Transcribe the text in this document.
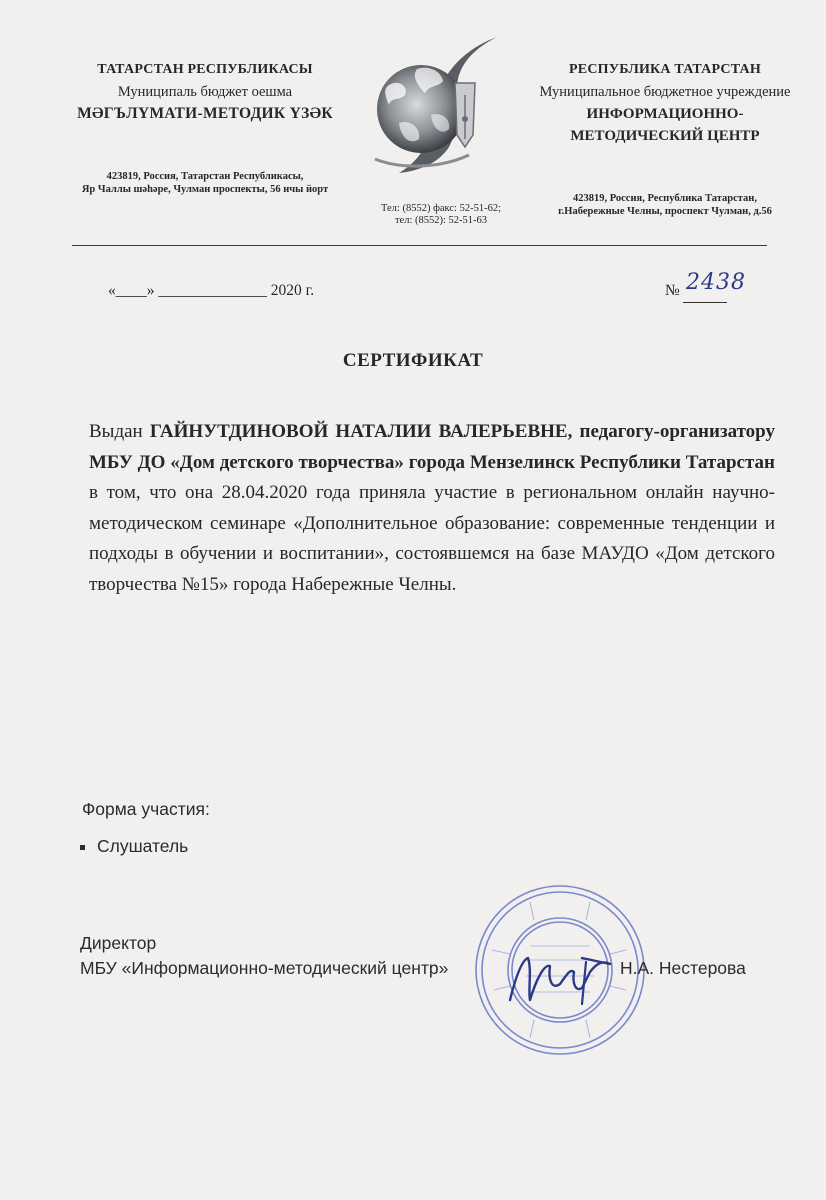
ТАТАРСТАН РЕСПУБЛИКАСЫ
Муниципаль бюджет оешма
МӘГЪЛҮМАТИ-МЕТОДИК ҮЗӘК
423819, Россия, Татарстан Республикасы,
Яр Чаллы шәһәре, Чулман проспекты, 56 нчы йорт
Тел: (8552) факс: 52-51-62;
тел: (8552): 52-51-63
РЕСПУБЛИКА ТАТАРСТАН
Муниципальное бюджетное учреждение
ИНФОРМАЦИОННО-
МЕТОДИЧЕСКИЙ ЦЕНТР
423819, Россия, Республика Татарстан,
г.Набережные Челны, проспект Чулман, д.56
«____» ______________ 2020 г.	№ 2438
СЕРТИФИКАТ
Выдан ГАЙНУТДИНОВОЙ НАТАЛИИ ВАЛЕРЬЕВНЕ, педагогу-организатору МБУ ДО «Дом детского творчества» города Мензелинск Республики Татарстан в том, что она 28.04.2020 года приняла участие в региональном онлайн научно-методическом семинаре «Дополнительное образование: современные тенденции и подходы в обучении и воспитании», состоявшемся на базе МАУДО «Дом детского творчества №15» города Набережные Челны.
Форма участия:
Слушатель
Директор
МБУ «Информационно-методический центр»	Н.А. Нестерова
